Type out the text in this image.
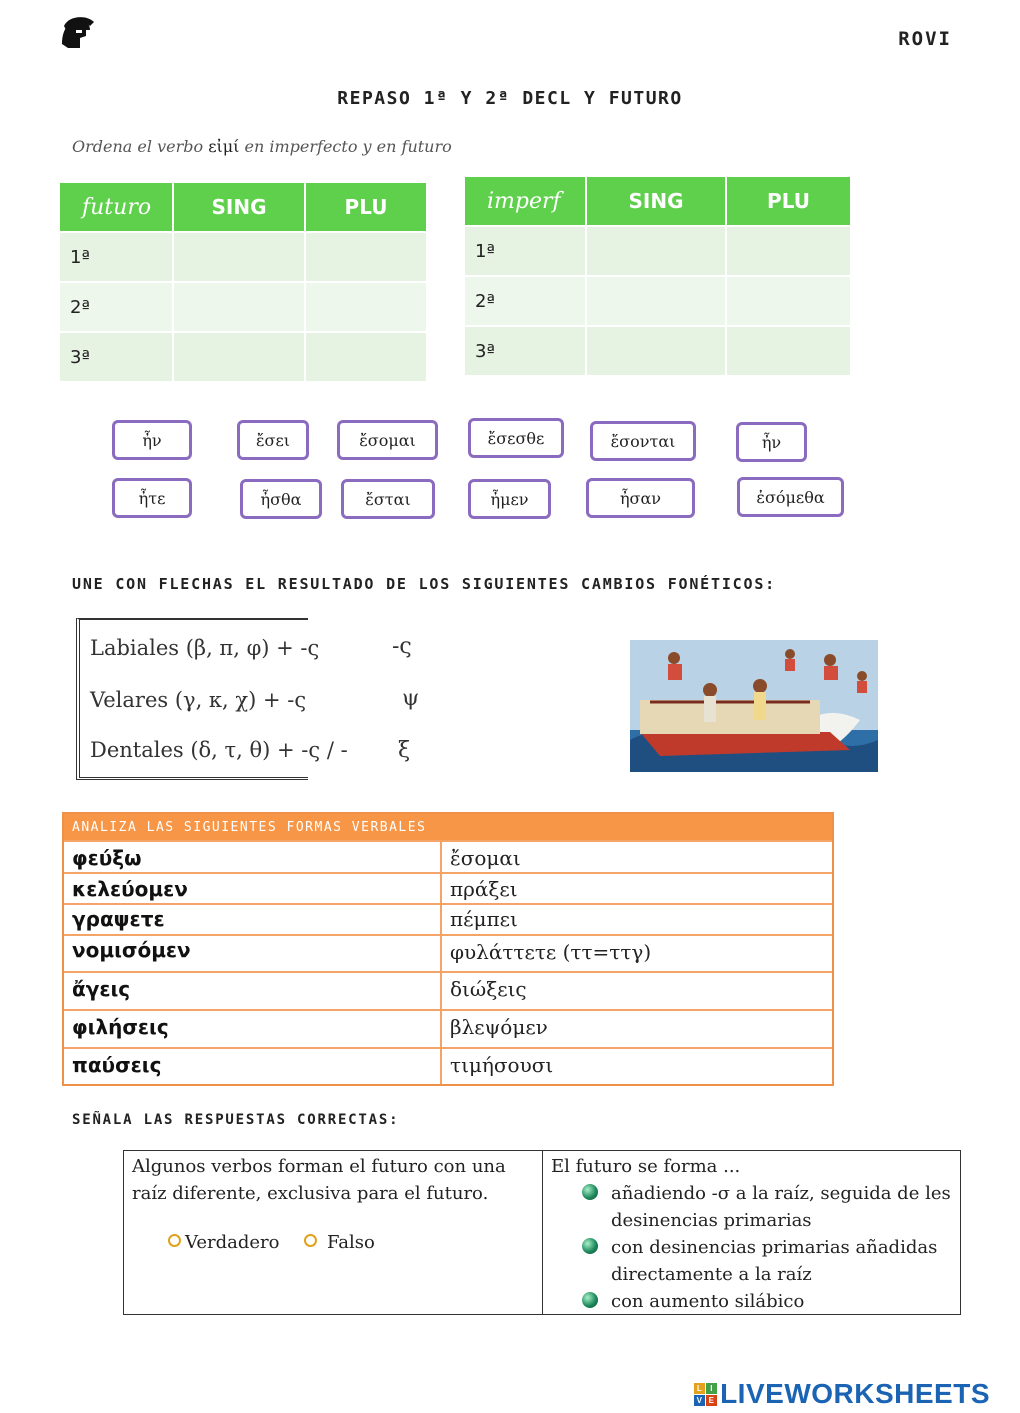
ROVI
REPASO 1ª Y 2ª DECL Y FUTURO
Ordena el verbo εἰμί en imperfecto y en futuro
futuro	SING	PLU
1ª		
2ª		
3ª		
imperf	SING	PLU
1ª		
2ª		
3ª		
ἦν	ἔσει	ἔσομαι	ἔσεσθε	ἔσονται	ἦν
ἦτε	ἦσθα	ἔσται	ἦμεν	ἦσαν	ἐσόμεθα
UNE CON FLECHAS EL RESULTADO DE LOS SIGUIENTES CAMBIOS FONÉTICOS:
Labiales (β, π, φ) + -ς
Velares (γ, κ, χ) + -ς
Dentales (δ, τ, θ) + -ς / -
-ς
ψ
ξ
ANALIZA LAS SIGUIENTES FORMAS VERBALES
φεύξω	ἔσομαι
κελεύομεν	πράξει
γραψετε	πέμπει
νομισόμεν	φυλάττετε (ττ=ττγ)
ἄγεις	διώξεις
φιλήσεις	βλεψόμεν
παύσεις	τιμήσουσι
SEÑALA LAS RESPUESTAS CORRECTAS:
Algunos verbos forman el futuro con una
raíz diferente, exclusiva para el futuro.
Verdadero	Falso
El futuro se forma ...
añadiendo -σ a la raíz, seguida de les
desinencias primarias
con desinencias primarias añadidas
directamente a la raíz
con aumento silábico
L I
V E LIVEWORKSHEETS
